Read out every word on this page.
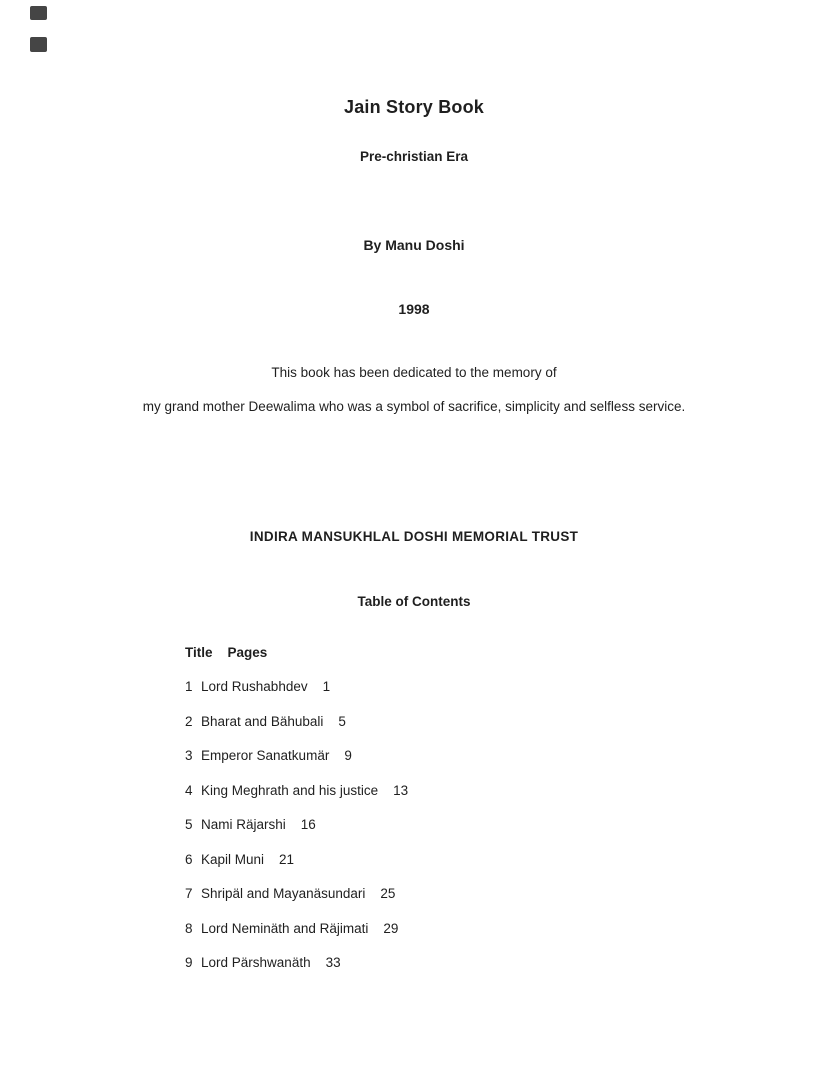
Jain Story Book
Pre-christian Era
By Manu Doshi
1998
This book has been dedicated to the memory of
my grand mother Deewalima who was a symbol of sacrifice, simplicity and selfless service.
INDIRA MANSUKHLAL DOSHI MEMORIAL TRUST
Table of Contents

Title Pages

1 Lord Rushabhdev 1

2 Bharat and Bähubali 5

3 Emperor Sanatkumär 9

4 King Meghrath and his justice 13

5 Nami Räjarshi 16

6 Kapil Muni 21

7 Shripäl and Mayanäsundari 25

8 Lord Neminäth and Räjimati 29

9 Lord Pärshwanäth 33
